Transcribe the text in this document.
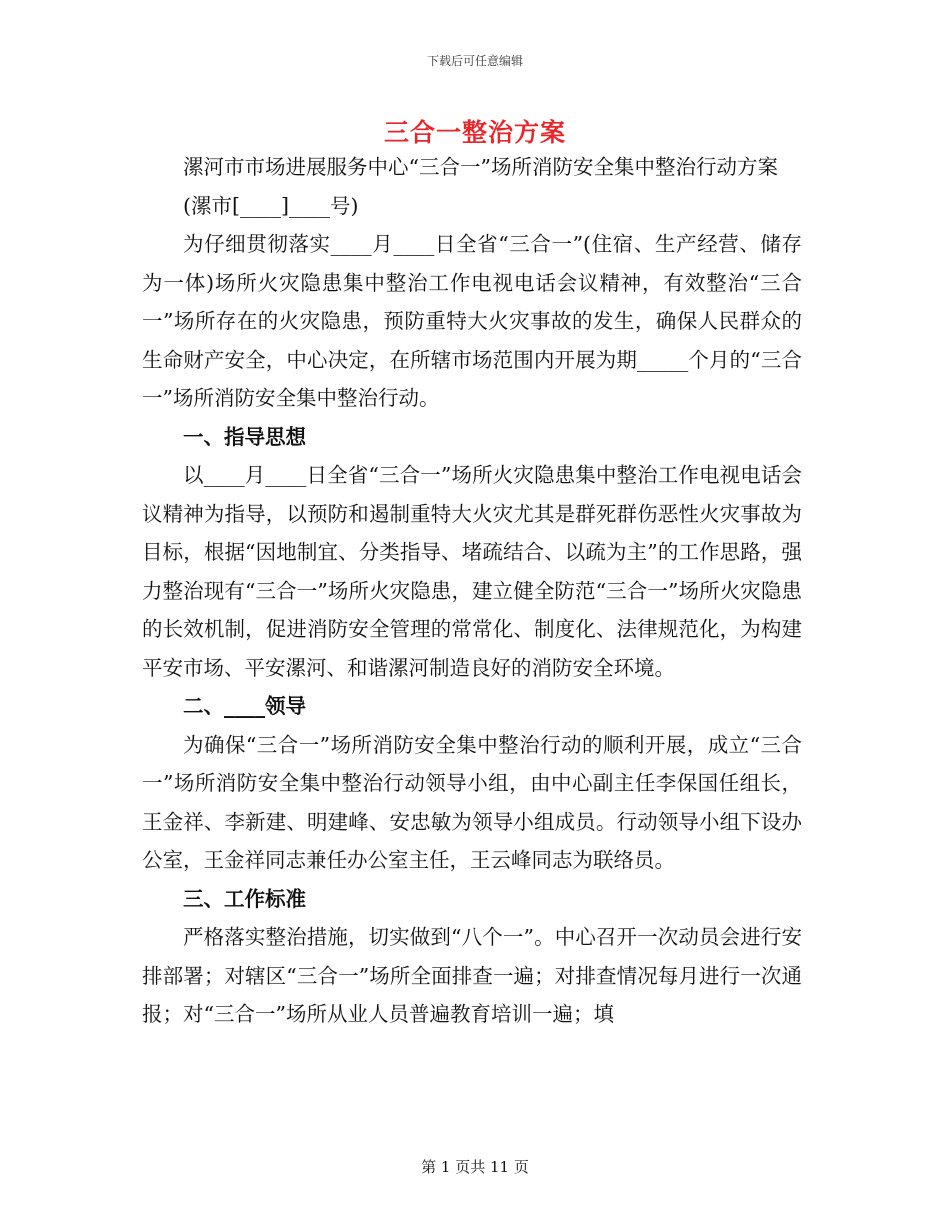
下载后可任意编辑
三合一整治方案

漯河市市场进展服务中心“三合一”场所消防安全集中整治行动方案

(漯市[____]____号)

为仔细贯彻落实____月____日全省“三合一”(住宿、生产经营、储存为一体)场所火灾隐患集中整治工作电视电话会议精神，有效整治“三合一”场所存在的火灾隐患，预防重特大火灾事故的发生，确保人民群众的生命财产安全，中心决定，在所辖市场范围内开展为期_____个月的“三合一”场所消防安全集中整治行动。

一、指导思想

以____月____日全省“三合一”场所火灾隐患集中整治工作电视电话会议精神为指导，以预防和遏制重特大火灾尤其是群死群伤恶性火灾事故为目标，根据“因地制宜、分类指导、堵疏结合、以疏为主”的工作思路，强力整治现有“三合一”场所火灾隐患，建立健全防范“三合一”场所火灾隐患的长效机制，促进消防安全管理的常常化、制度化、法律规范化，为构建平安市场、平安漯河、和谐漯河制造良好的消防安全环境。

二、____领导

为确保“三合一”场所消防安全集中整治行动的顺利开展，成立“三合一”场所消防安全集中整治行动领导小组，由中心副主任李保国任组长，王金祥、李新建、明建峰、安忠敏为领导小组成员。行动领导小组下设办公室，王金祥同志兼任办公室主任，王云峰同志为联络员。

三、工作标准

严格落实整治措施，切实做到“八个一”。中心召开一次动员会进行安排部署；对辖区“三合一”场所全面排查一遍；对排查情况每月进行一次通报；对“三合一”场所从业人员普遍教育培训一遍；填

第 1 页共 11 页
